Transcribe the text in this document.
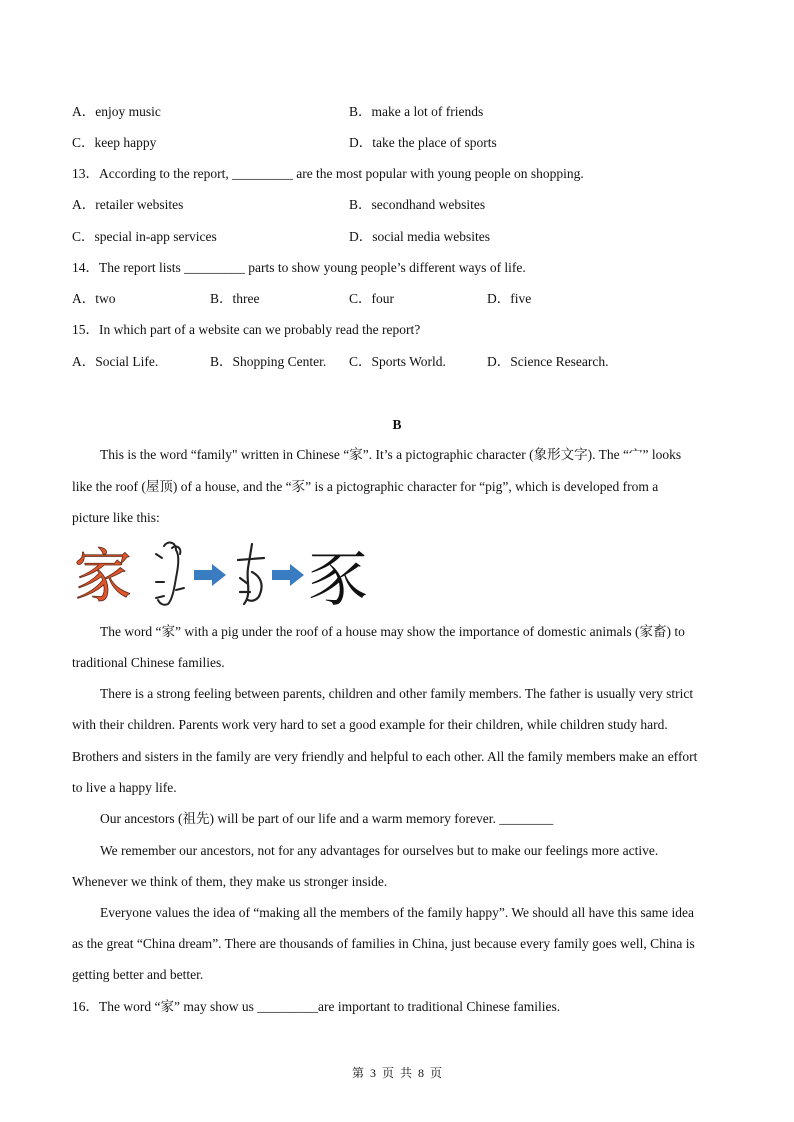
A．enjoy music	B．make a lot of friends
C．keep happy	D．take the place of sports
13．According to the report, _________ are the most popular with young people on shopping.
A．retailer websites	B．secondhand websites
C．special in-app services	D．social media websites
14．The report lists _________ parts to show young people’s different ways of life.
A．two	B．three	C．four	D．five
15．In which part of a website can we probably read the report?
A．Social Life.	B．Shopping Center. C．Sports World.	D．Science Research.
B
This is the word “family" written in Chinese “家”. It’s a pictographic character (象形文字). The “宀” looks
like the roof (屋顶) of a house, and the “豕” is a pictographic character for “pig”, which is developed from a
picture like this:
家	豕
The word “家” with a pig under the roof of a house may show the importance of domestic animals (家畜) to
traditional Chinese families.
There is a strong feeling between parents, children and other family members. The father is usually very strict
with their children. Parents work very hard to set a good example for their children, while children study hard.
Brothers and sisters in the family are very friendly and helpful to each other. All the family members make an effort
to live a happy life.
Our ancestors (祖先) will be part of our life and a warm memory forever. ________
We remember our ancestors, not for any advantages for ourselves but to make our feelings more active.
Whenever we think of them, they make us stronger inside.
Everyone values the idea of “making all the members of the family happy”. We should all have this same idea
as the great “China dream”. There are thousands of families in China, just because every family goes well, China is
getting better and better.
16．The word “家” may show us _________are important to traditional Chinese families.
第 3 页 共 8 页
